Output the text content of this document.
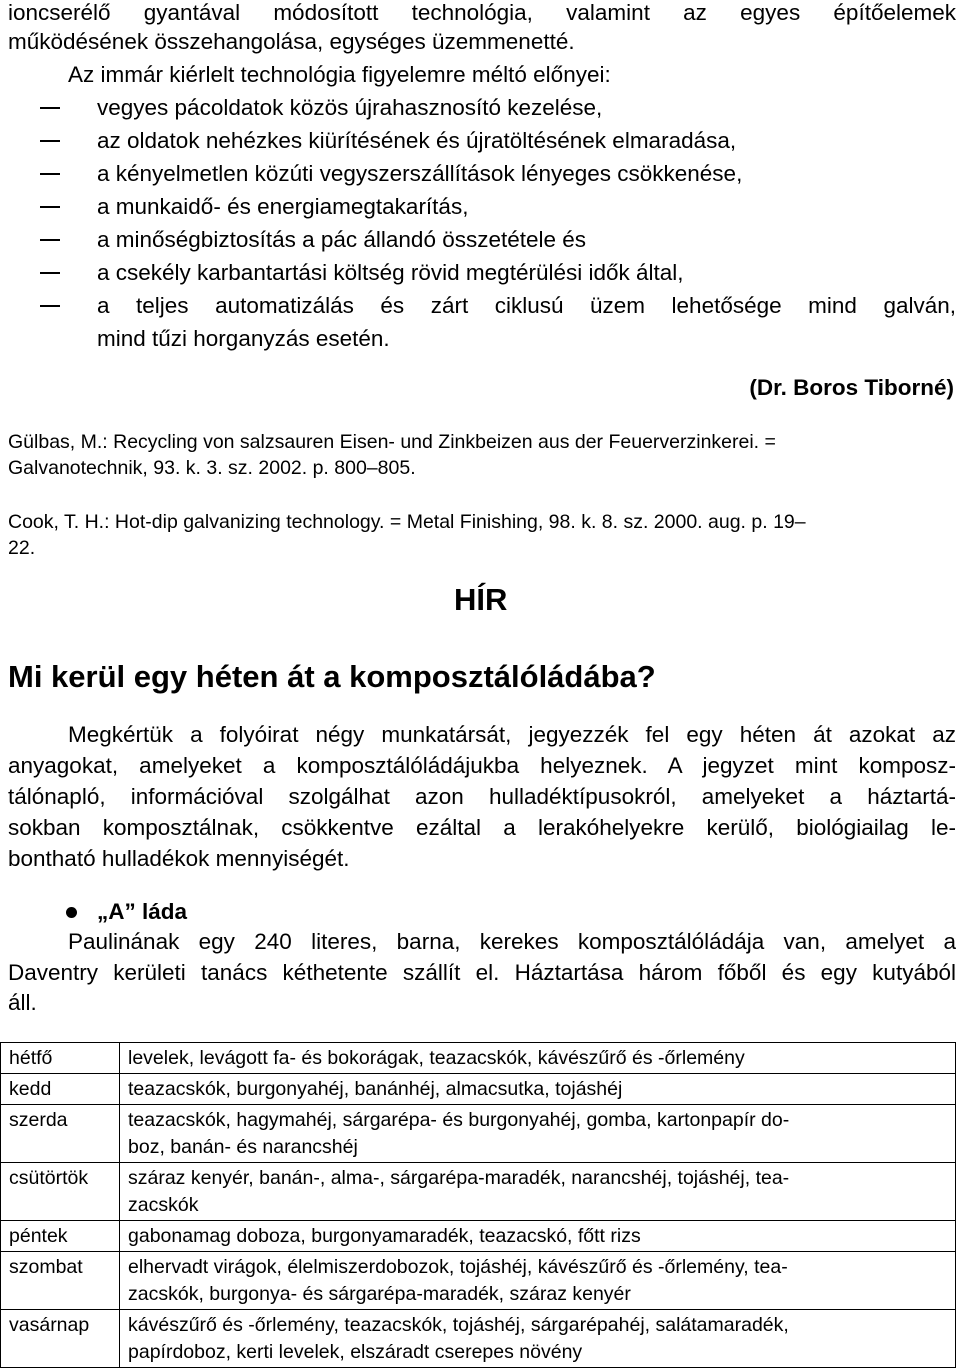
ioncserélő gyantával módosított technológia, valamint az egyes építőelemek
működésének összehangolása, egységes üzemmenetté.
Az immár kiérlelt technológia figyelemre méltó előnyei:
vegyes pácoldatok közös újrahasznosító kezelése,
az oldatok nehézkes kiürítésének és újratöltésének elmaradása,
a kényelmetlen közúti vegyszerszállítások lényeges csökkenése,
a munkaidő- és energiamegtakarítás,
a minőségbiztosítás a pác állandó összetétele és
a csekély karbantartási költség rövid megtérülési idők által,
a teljes automatizálás és zárt ciklusú üzem lehetősége mind galván,
mind tűzi horganyzás esetén.
(Dr. Boros Tiborné)
Gülbas, M.: Recycling von salzsauren Eisen- und Zinkbeizen aus der Feuerverzinkerei. =
Galvanotechnik, 93. k. 3. sz. 2002. p. 800–805.
Cook, T. H.: Hot-dip galvanizing technology. = Metal Finishing, 98. k. 8. sz. 2000. aug. p. 19–
22.
HÍR
Mi kerül egy héten át a komposztálóládába?
Megkértük a folyóirat négy munkatársát, jegyezzék fel egy héten át azokat az
anyagokat, amelyeket a komposztálóládájukba helyeznek. A jegyzet mint komposz-
tálónapló, információval szolgálhat azon hulladéktípusokról, amelyeket a háztartá-
sokban komposztálnak, csökkentve ezáltal a lerakóhelyekre kerülő, biológiailag le-
bontható hulladékok mennyiségét.
„A” láda
Paulinának egy 240 literes, barna, kerekes komposztálóládája van, amelyet a
Daventry kerületi tanács kéthetente szállít el. Háztartása három főből és egy kutyából
áll.
hétfő	levelek, levágott fa- és bokorágak, teazacskók, kávészűrő és -őrlemény

kedd	teazacskók, burgonyahéj, banánhéj, almacsutka, tojáshéj

szerda	teazacskók, hagymahéj, sárgarépa- és burgonyahéj, gomba, kartonpapír do-
boz, banán- és narancshéj

csütörtök	száraz kenyér, banán-, alma-, sárgarépa-maradék, narancshéj, tojáshéj, tea-
zacskók

péntek	gabonamag doboza, burgonyamaradék, teazacskó, főtt rizs

szombat	elhervadt virágok, élelmiszerdobozok, tojáshéj, kávészűrő és -őrlemény, tea-
zacskók, burgonya- és sárgarépa-maradék, száraz kenyér

vasárnap	kávészűrő és -őrlemény, teazacskók, tojáshéj, sárgarépahéj, salátamaradék,
papírdoboz, kerti levelek, elszáradt cserepes növény
